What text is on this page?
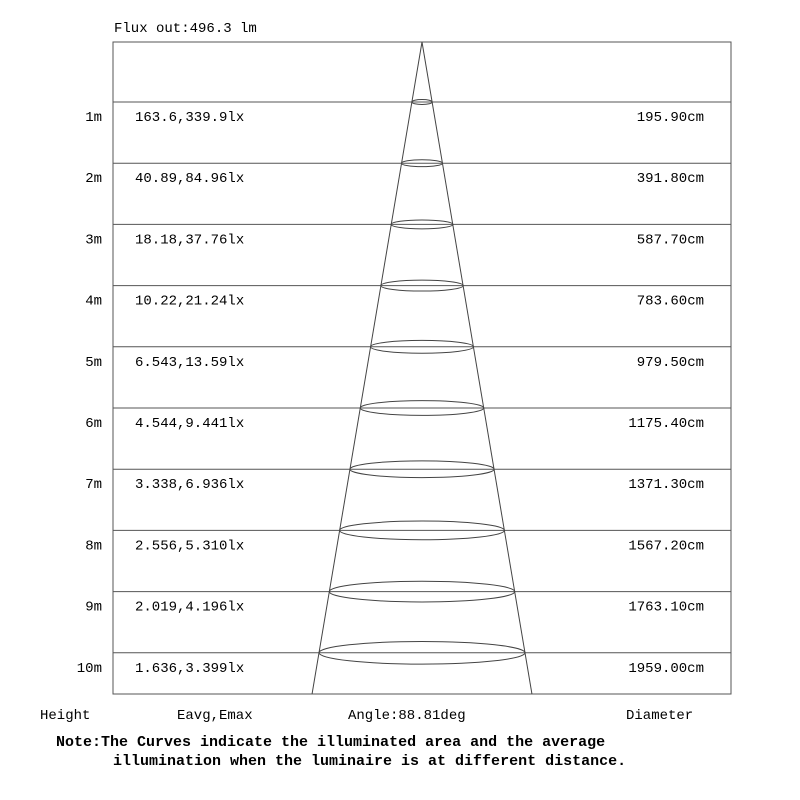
1m 163.6,339.9lx	195.90cm
2m 40.89,84.96lx	391.80cm
3m 18.18,37.76lx	587.70cm
4m 10.22,21.24lx	783.60cm
5m 6.543,13.59lx	979.50cm
6m 4.544,9.441lx	1175.40cm
7m 3.338,6.936lx	1371.30cm
8m 2.556,5.310lx	1567.20cm
9m 2.019,4.196lx	1763.10cm
10m 1.636,3.399lx	1959.00cm
Flux out:496.3 lm
Height	Eavg,Emax	Angle:88.81deg	Diameter
Note:The Curves indicate the illuminated area and the average
illumination when the luminaire is at different distance.
